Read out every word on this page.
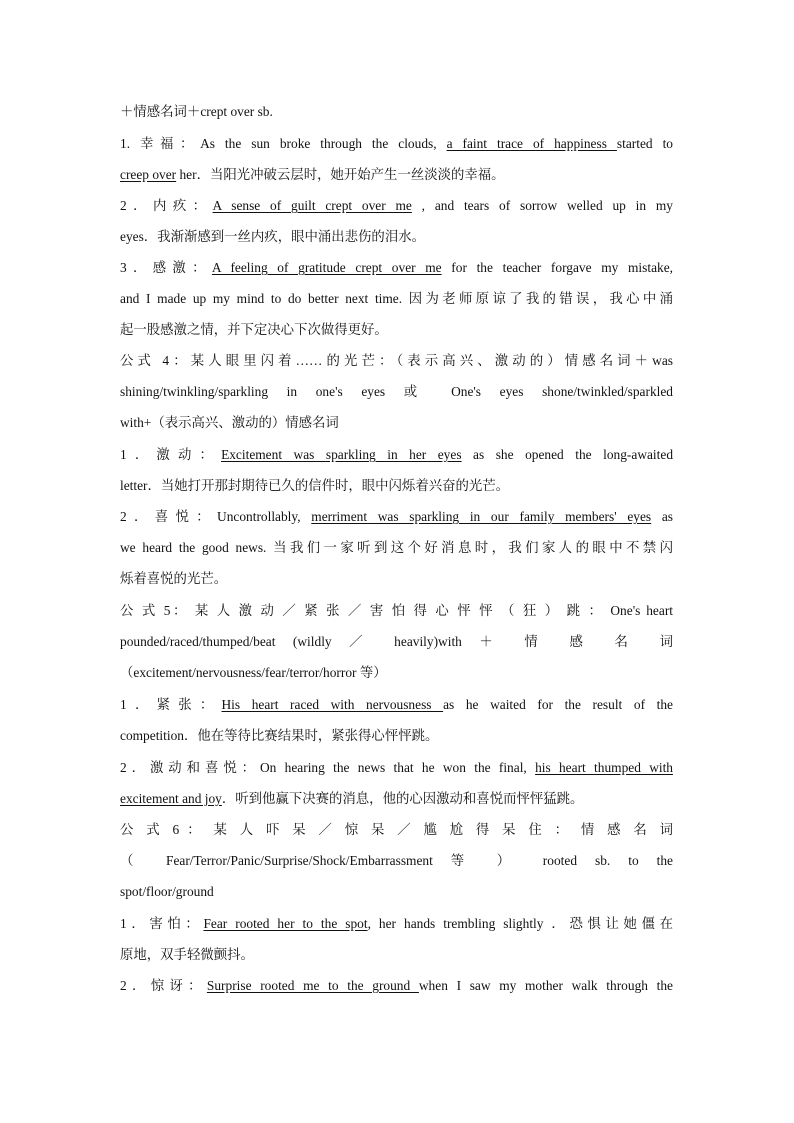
＋情感名词＋crept over sb.
1. 幸福：As the sun broke through the clouds, a faint trace of happiness started to
creep over her．当阳光冲破云层时，她开始产生一丝淡淡的幸福。
2．内疚：A sense of guilt crept over me , and tears of sorrow welled up in my
eyes．我渐渐感到一丝内疚，眼中涌出悲伤的泪水。
3．感激：A feeling of gratitude crept over me for the teacher forgave my mistake,
and I made up my mind to do better next time. 因为老师原谅了我的错误，我心中涌
起一股感激之情，并下定决心下次做得更好。
公式 4：某人眼里闪着……的光芒：（表示高兴、激动的）情感名词＋was
shining/twinkling/sparkling in one's eyes 或 One's eyes shone/twinkled/sparkled
with+（表示高兴、激动的）情感名词
1．激动：Excitement was sparkling in her eyes as she opened the long-awaited
letter．当她打开那封期待已久的信件时，眼中闪烁着兴奋的光芒。
2．喜悦：Uncontrollably, merriment was sparkling in our family members' eyes as
we heard the good news. 当我们一家听到这个好消息时，我们家人的眼中不禁闪
烁着喜悦的光芒。
公 式 5： 某 人 激 动 ／ 紧 张 ／ 害 怕 得 心 怦 怦 （ 狂 ） 跳 ： One's heart
pounded/raced/thumped/beat (wildly ／ heavily)with ＋ 情 感 名 词
（excitement/nervousness/fear/terror/horror 等）
1．紧张：His heart raced with nervousness as he waited for the result of the
competition．他在等待比赛结果时，紧张得心怦怦跳。
2．激动和喜悦：On hearing the news that he won the final, his heart thumped with
excitement and joy．听到他赢下决赛的消息，他的心因激动和喜悦而怦怦猛跳。
公 式 6 ： 某 人 吓 呆 ／ 惊 呆 ／ 尴 尬 得 呆 住 ： 情 感 名 词
（ Fear/Terror/Panic/Surprise/Shock/Embarrassment 等 ） rooted sb. to the
spot/floor/ground
1．害怕：Fear rooted her to the spot, her hands trembling slightly ．恐惧让她僵在
原地，双手轻微颤抖。
2．惊讶：Surprise rooted me to the ground when I saw my mother walk through the
